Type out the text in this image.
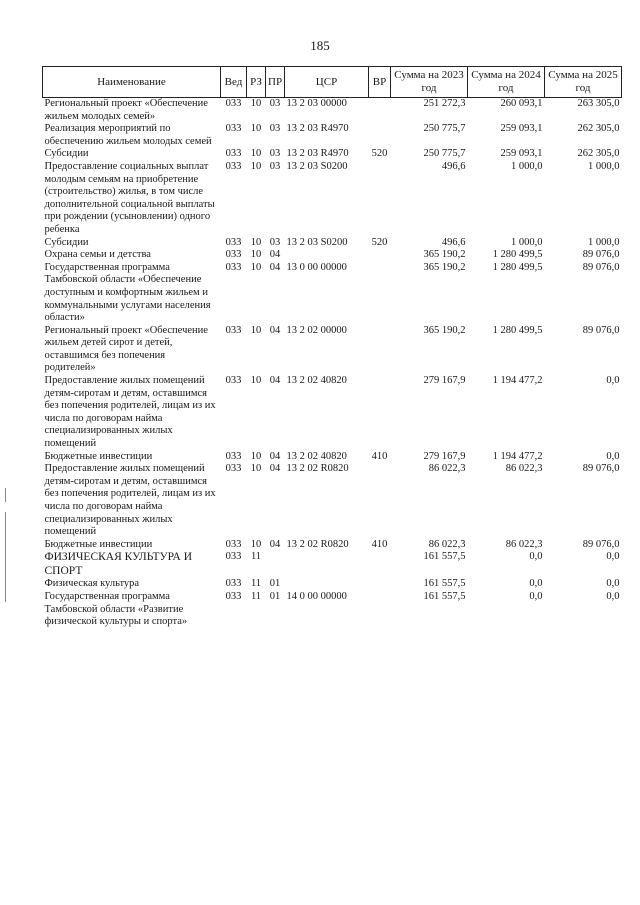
185
Наименование	Вед	РЗ	ПР	ЦСР	ВР	Сумма на 2023 год	Сумма на 2024 год	Сумма на 2025 год
Региональный проект «Обеспечение жильем молодых семей»	033	10	03	13 2 03 00000		251 272,3	260 093,1	263 305,0
Реализация мероприятий по обеспечению жильем молодых семей	033	10	03	13 2 03 R4970		250 775,7	259 093,1	262 305,0
Субсидии	033	10	03	13 2 03 R4970	520	250 775,7	259 093,1	262 305,0
Предоставление социальных выплат молодым семьям на приобретение (строительство) жилья, в том числе дополнительной социальной выплаты при рождении (усыновлении) одного ребенка	033	10	03	13 2 03 S0200		496,6	1 000,0	1 000,0
Субсидии	033	10	03	13 2 03 S0200	520	496,6	1 000,0	1 000,0
Охрана семьи и детства	033	10	04			365 190,2	1 280 499,5	89 076,0
Государственная программа Тамбовской области «Обеспечение доступным и комфортным жильем и коммунальными услугами населения области»	033	10	04	13 0 00 00000		365 190,2	1 280 499,5	89 076,0
Региональный проект «Обеспечение жильем детей сирот и детей, оставшимся без попечения родителей»	033	10	04	13 2 02 00000		365 190,2	1 280 499,5	89 076,0
Предоставление жилых помещений детям-сиротам и детям, оставшимся без попечения родителей, лицам из их числа по договорам найма специализированных жилых помещений	033	10	04	13 2 02 40820		279 167,9	1 194 477,2	0,0
Бюджетные инвестиции	033	10	04	13 2 02 40820	410	279 167,9	1 194 477,2	0,0
Предоставление жилых помещений детям-сиротам и детям, оставшимся без попечения родителей, лицам из их числа по договорам найма специализированных жилых помещений	033	10	04	13 2 02 R0820		86 022,3	86 022,3	89 076,0
Бюджетные инвестиции	033	10	04	13 2 02 R0820	410	86 022,3	86 022,3	89 076,0
ФИЗИЧЕСКАЯ КУЛЬТУРА И СПОРТ	033	11				161 557,5	0,0	0,0
Физическая культура	033	11	01			161 557,5	0,0	0,0
Государственная программа Тамбовской области «Развитие физической культуры и спорта»	033	11	01	14 0 00 00000		161 557,5	0,0	0,0
